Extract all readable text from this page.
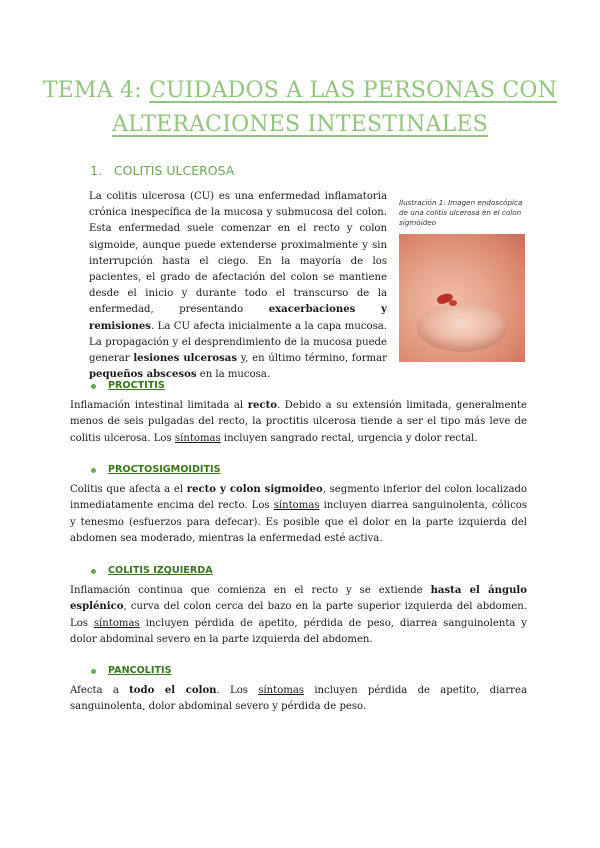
TEMA 4: CUIDADOS A LAS PERSONAS CON
ALTERACIONES INTESTINALES
1. COLITIS ULCEROSA
La colitis ulcerosa (CU) es una enfermedad inflamatoria crónica inespecífica de la mucosa y submucosa del colon. Esta enfermedad suele comenzar en el recto y colon sigmoide, aunque puede extenderse proximalmente y sin interrupción hasta el ciego. En la mayoría de los pacientes, el grado de afectación del colon se mantiene desde el inicio y durante todo el transcurso de la enfermedad, presentando exacerbaciones y remisiones. La CU afecta inicialmente a la capa mucosa. La propagación y el desprendimiento de la mucosa puede generar lesiones ulcerosas y, en último término, formar pequeños abscesos en la mucosa.
Ilustración 1: Imagen endoscópica de una colitis ulcerosa en el colon sigmoideo
PROCTITIS
Inflamación intestinal limitada al recto. Debido a su extensión limitada, generalmente menos de seis pulgadas del recto, la proctitis ulcerosa tiende a ser el tipo más leve de colitis ulcerosa. Los síntomas incluyen sangrado rectal, urgencia y dolor rectal.
PROCTOSIGMOIDITIS
Colitis que afecta a el recto y colon sigmoideo, segmento inferior del colon localizado inmediatamente encima del recto. Los síntomas incluyen diarrea sanguinolenta, cólicos y tenesmo (esfuerzos para defecar). Es posible que el dolor en la parte izquierda del abdomen sea moderado, mientras la enfermedad esté activa.
COLITIS IZQUIERDA
Inflamación continua que comienza en el recto y se extiende hasta el ángulo esplénico, curva del colon cerca del bazo en la parte superior izquierda del abdomen. Los síntomas incluyen pérdida de apetito, pérdida de peso, diarrea sanguinolenta y dolor abdominal severo en la parte izquierda del abdomen.
PANCOLITIS
Afecta a todo el colon. Los síntomas incluyen pérdida de apetito, diarrea sanguinolenta, dolor abdominal severo y pérdida de peso.
